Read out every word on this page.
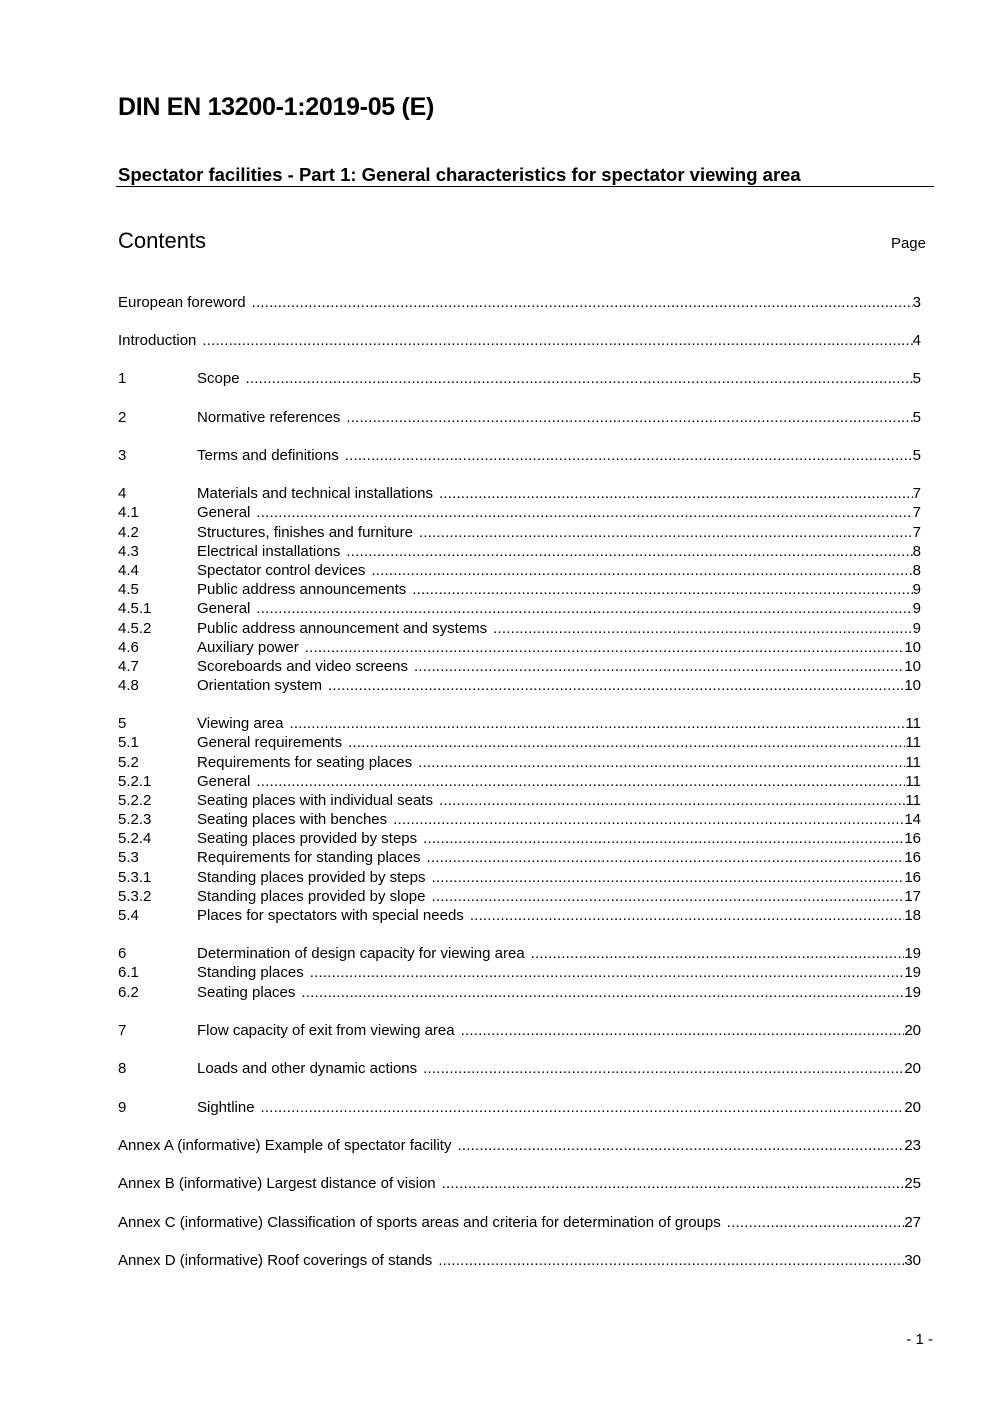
DIN EN 13200-1:2019-05 (E)
Spectator facilities - Part 1: General characteristics for spectator viewing area
Contents	Page
European foreword .....	3
Introduction .....	4
1	Scope .....	5
2	Normative references .....	5
3	Terms and definitions .....	5
4	Materials and technical installations .....	7
4.1	General .....	7
4.2	Structures, finishes and furniture .....	7
4.3	Electrical installations .....	8
4.4	Spectator control devices .....	8
4.5	Public address announcements .....	9
4.5.1	General .....	9
4.5.2	Public address announcement and systems .....	9
4.6	Auxiliary power .....	10
4.7	Scoreboards and video screens .....	10
4.8	Orientation system .....	10
5	Viewing area .....	11
5.1	General requirements .....	11
5.2	Requirements for seating places .....	11
5.2.1	General .....	11
5.2.2	Seating places with individual seats .....	11
5.2.3	Seating places with benches .....	14
5.2.4	Seating places provided by steps .....	16
5.3	Requirements for standing places .....	16
5.3.1	Standing places provided by steps .....	16
5.3.2	Standing places provided by slope .....	17
5.4	Places for spectators with special needs .....	18
6	Determination of design capacity for viewing area .....	19
6.1	Standing places .....	19
6.2	Seating places .....	19
7	Flow capacity of exit from viewing area .....	20
8	Loads and other dynamic actions .....	20
9	Sightline .....	20
Annex A (informative) Example of spectator facility .....	23
Annex B (informative) Largest distance of vision .....	25
Annex C (informative) Classification of sports areas and criteria for determination of groups .....	27
Annex D (informative) Roof coverings of stands .....	30
- 1 -
